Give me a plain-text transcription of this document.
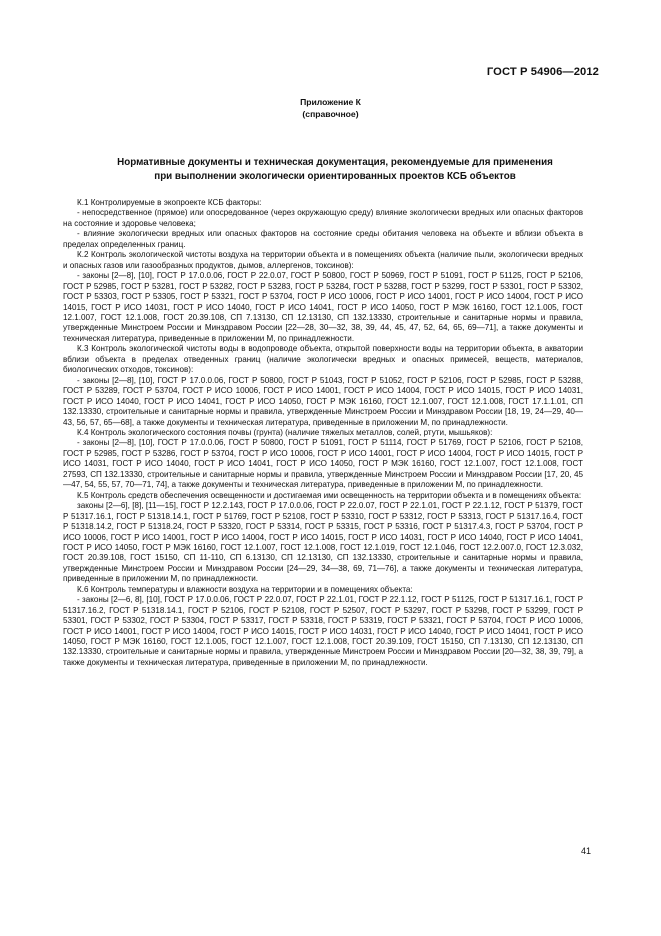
ГОСТ Р 54906—2012
Приложение К
(справочное)
Нормативные документы и техническая документация, рекомендуемые для применения
при выполнении экологически ориентированных проектов КСБ объектов

К.1 Контролируемые в экопроекте КСБ факторы:

- непосредственное (прямое) или опосредованное (через окружающую среду) влияние экологически вредных или опасных факторов на состояние и здоровье человека;

- влияние экологически вредных или опасных факторов на состояние среды обитания человека на объекте и вблизи объекта в пределах определенных границ.

К.2 Контроль экологической чистоты воздуха на территории объекта и в помещениях объекта (наличие пыли, экологически вредных и опасных газов или газообразных продуктов, дымов, аллергенов, токсинов):

- законы [2—8], [10], ГОСТ Р 17.0.0.06, ГОСТ Р 22.0.07, ГОСТ Р 50800, ГОСТ Р 50969, ГОСТ Р 51091, ГОСТ Р 51125, ГОСТ Р 52106, ГОСТ Р 52985, ГОСТ Р 53281, ГОСТ Р 53282, ГОСТ Р 53283, ГОСТ Р 53284, ГОСТ Р 53288, ГОСТ Р 53299, ГОСТ Р 53301, ГОСТ Р 53302, ГОСТ Р 53303, ГОСТ Р 53305, ГОСТ Р 53321, ГОСТ Р 53704, ГОСТ Р ИСО 10006, ГОСТ Р ИСО 14001, ГОСТ Р ИСО 14004, ГОСТ Р ИСО 14015, ГОСТ Р ИСО 14031, ГОСТ Р ИСО 14040, ГОСТ Р ИСО 14041, ГОСТ Р ИСО 14050, ГОСТ Р МЭК 16160, ГОСТ 12.1.005, ГОСТ 12.1.007, ГОСТ 12.1.008, ГОСТ 20.39.108, СП 7.13130, СП 12.13130, СП 132.13330, строительные и санитарные нормы и правила, утвержденные Минстроем России и Минздравом России [22—28, 30—32, 38, 39, 44, 45, 47, 52, 64, 65, 69—71], а также документы и техническая литература, приведенные в приложении М, по принадлежности.

К.3 Контроль экологической чистоты воды в водопроводе объекта, открытой поверхности воды на территории объекта, в акватории вблизи объекта в пределах отведенных границ (наличие экологически вредных и опасных примесей, веществ, материалов, биологических отходов, токсинов):

- законы [2—8], [10], ГОСТ Р 17.0.0.06, ГОСТ Р 50800, ГОСТ Р 51043, ГОСТ Р 51052, ГОСТ Р 52106, ГОСТ Р 52985, ГОСТ Р 53288, ГОСТ Р 53289, ГОСТ Р 53704, ГОСТ Р ИСО 10006, ГОСТ Р ИСО 14001, ГОСТ Р ИСО 14004, ГОСТ Р ИСО 14015, ГОСТ Р ИСО 14031, ГОСТ Р ИСО 14040, ГОСТ Р ИСО 14041, ГОСТ Р ИСО 14050, ГОСТ Р МЭК 16160, ГОСТ 12.1.007, ГОСТ 12.1.008, ГОСТ 17.1.1.01, СП 132.13330, строительные и санитарные нормы и правила, утвержденные Минстроем России и Минздравом России [18, 19, 24—29, 40—43, 56, 57, 65—68], а также документы и техническая литература, приведенные в приложении М, по принадлежности.

К.4 Контроль экологического состояния почвы (грунта) (наличие тяжелых металлов, солей, ртути, мышьяков):

- законы [2—8], [10], ГОСТ Р 17.0.0.06, ГОСТ Р 50800, ГОСТ Р 51091, ГОСТ Р 51114, ГОСТ Р 51769, ГОСТ Р 52106, ГОСТ Р 52108, ГОСТ Р 52985, ГОСТ Р 53286, ГОСТ Р 53704, ГОСТ Р ИСО 10006, ГОСТ Р ИСО 14001, ГОСТ Р ИСО 14004, ГОСТ Р ИСО 14015, ГОСТ Р ИСО 14031, ГОСТ Р ИСО 14040, ГОСТ Р ИСО 14041, ГОСТ Р ИСО 14050, ГОСТ Р МЭК 16160, ГОСТ 12.1.007, ГОСТ 12.1.008, ГОСТ 27593, СП 132.13330, строительные и санитарные нормы и правила, утвержденные Минстроем России и Минздравом России [17, 20, 45—47, 54, 55, 57, 70—71, 74], а также документы и техническая литература, приведенные в приложении М, по принадлежности.

К.5 Контроль средств обеспечения освещенности и достигаемая ими освещенность на территории объекта и в помещениях объекта:

законы [2—6], [8], [11—15], ГОСТ Р 12.2.143, ГОСТ Р 17.0.0.06, ГОСТ Р 22.0.07, ГОСТ Р 22.1.01, ГОСТ Р 22.1.12, ГОСТ Р 51379, ГОСТ Р 51317.16.1, ГОСТ Р 51318.14.1, ГОСТ Р 51769, ГОСТ Р 52108, ГОСТ Р 53310, ГОСТ Р 53312, ГОСТ Р 53313, ГОСТ Р 51317.16.4, ГОСТ Р 51318.14.2, ГОСТ Р 51318.24, ГОСТ Р 53320, ГОСТ Р 53314, ГОСТ Р 53315, ГОСТ Р 53316, ГОСТ Р 51317.4.3, ГОСТ Р 53704, ГОСТ Р ИСО 10006, ГОСТ Р ИСО 14001, ГОСТ Р ИСО 14004, ГОСТ Р ИСО 14015, ГОСТ Р ИСО 14031, ГОСТ Р ИСО 14040, ГОСТ Р ИСО 14041, ГОСТ Р ИСО 14050, ГОСТ Р МЭК 16160, ГОСТ 12.1.007, ГОСТ 12.1.008, ГОСТ 12.1.019, ГОСТ 12.1.046, ГОСТ 12.2.007.0, ГОСТ 12.3.032, ГОСТ 20.39.108, ГОСТ 15150, СП 11-110, СП 6.13130, СП 12.13130, СП 132.13330, строительные и санитарные нормы и правила, утвержденные Минстроем России и Минздравом России [24—29, 34—38, 69, 71—76], а также документы и техническая литература, приведенные в приложении М, по принадлежности.

К.6 Контроль температуры и влажности воздуха на территории и в помещениях объекта:

- законы [2—6, 8], [10], ГОСТ Р 17.0.0.06, ГОСТ Р 22.0.07, ГОСТ Р 22.1.01, ГОСТ Р 22.1.12, ГОСТ Р 51125, ГОСТ Р 51317.16.1, ГОСТ Р 51317.16.2, ГОСТ Р 51318.14.1, ГОСТ Р 52106, ГОСТ Р 52108, ГОСТ Р 52507, ГОСТ Р 53297, ГОСТ Р 53298, ГОСТ Р 53299, ГОСТ Р 53301, ГОСТ Р 53302, ГОСТ Р 53304, ГОСТ Р 53317, ГОСТ Р 53318, ГОСТ Р 53319, ГОСТ Р 53321, ГОСТ Р 53704, ГОСТ Р ИСО 10006, ГОСТ Р ИСО 14001, ГОСТ Р ИСО 14004, ГОСТ Р ИСО 14015, ГОСТ Р ИСО 14031, ГОСТ Р ИСО 14040, ГОСТ Р ИСО 14041, ГОСТ Р ИСО 14050, ГОСТ Р МЭК 16160, ГОСТ 12.1.005, ГОСТ 12.1.007, ГОСТ 12.1.008, ГОСТ 20.39.109, ГОСТ 15150, СП 7.13130, СП 12.13130, СП 132.13330, строительные и санитарные нормы и правила, утвержденные Минстроем России и Минздравом России [20—32, 38, 39, 79], а также документы и техническая литература, приведенные в приложении М, по принадлежности.

41
